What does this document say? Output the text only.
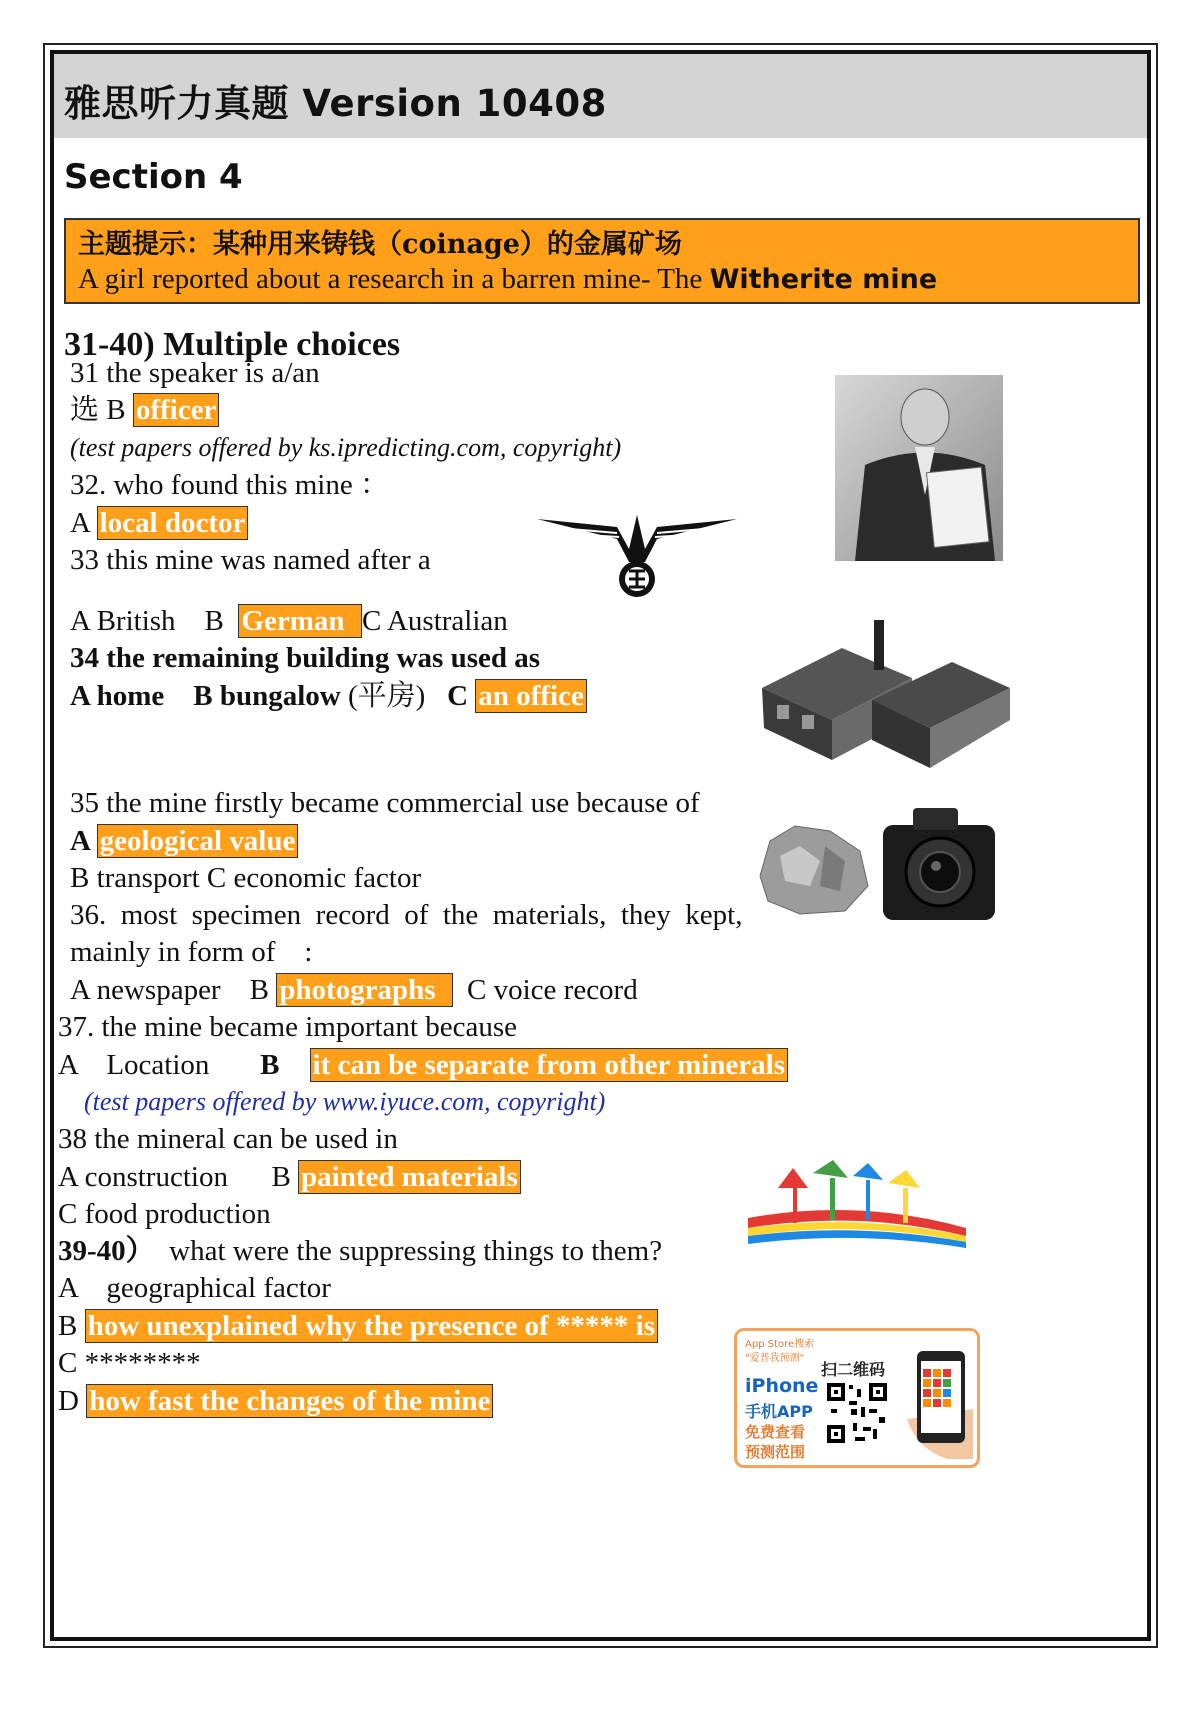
雅思听力真题 Version 10408
Section 4
主题提示：某种用来铸钱（coinage）的金属矿场
A girl reported about a research in a barren mine- The Witherite mine
31-40) Multiple choices
31 the speaker is a/an
选 B officer
(test papers offered by ks.ipredicting.com, copyright)
32. who found this mine ：
A local doctor
33 this mine was named after a
A British    B  German  C Australian
34 the remaining building was used as
A home    B bungalow (平房)   C an office
35 the mine firstly became commercial use because of
A geological value
B transport C economic factor
36.  most  specimen  record  of  the  materials,  they  kept,
mainly in form of    :
A newspaper    B photographs  C voice record
37. the mine became important because
A    Location       B it can be separate from other minerals
(test papers offered by www.iyuce.com, copyright)
38 the mineral can be used in
A construction      B painted materials
C food production
39-40）  what were the suppressing things to them?
A    geographical factor
B how unexplained why the presence of ***** is
C ********
D how fast the changes of the mine
App Store搜索
"爱普我预测"
扫二维码
iPhone
手机APP
免费查看
预测范围
